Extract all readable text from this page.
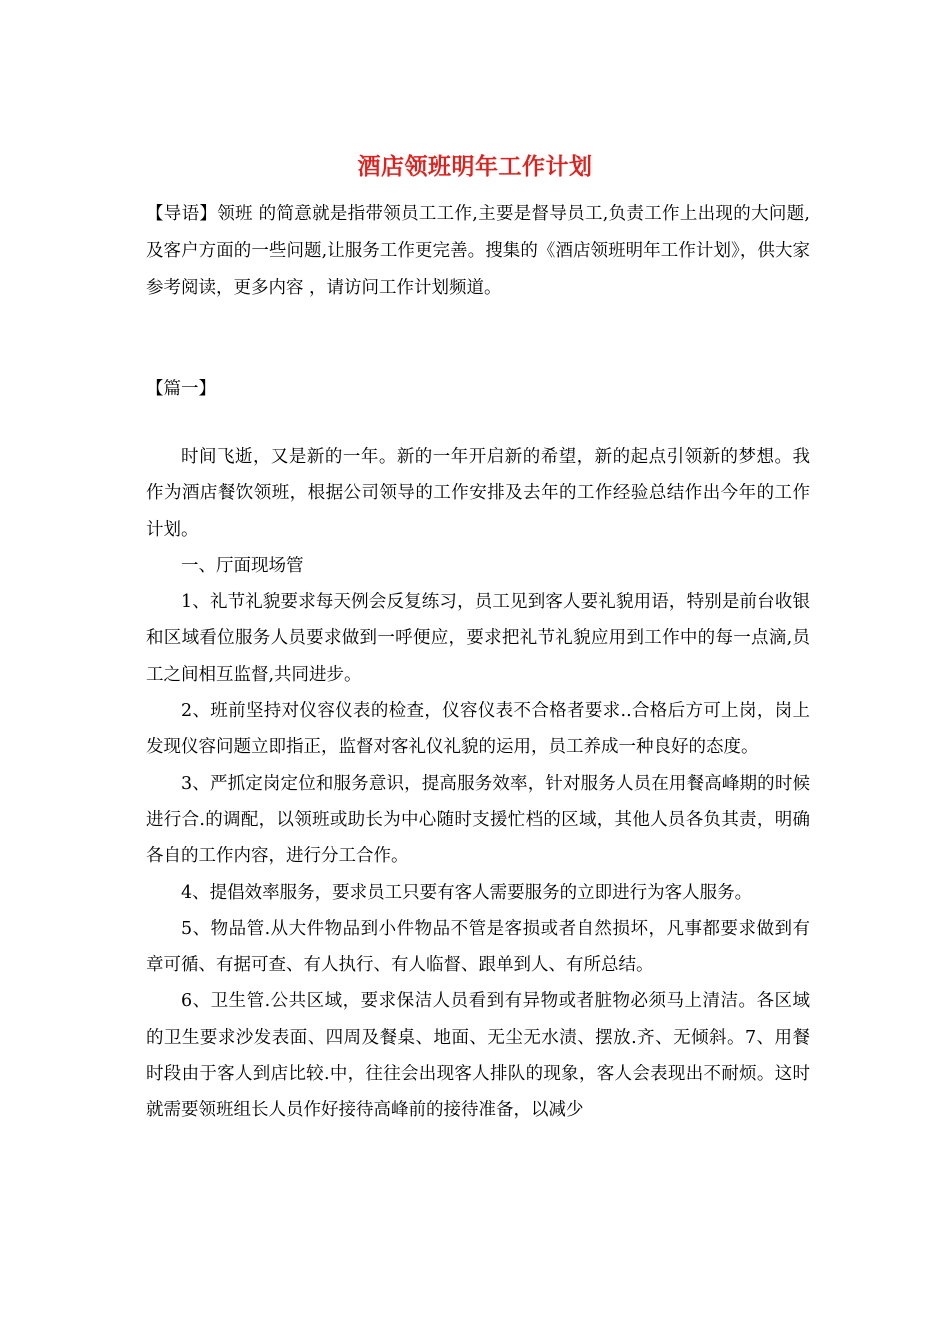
酒店领班明年工作计划

【导语】领班 的简意就是指带领员工工作,主要是督导员工,负责工作上出现的大问题,及客户方面的一些问题,让服务工作更完善。搜集的《酒店领班明年工作计划》，供大家参考阅读，更多内容 ，请访问工作计划频道。

【篇一】

时间飞逝，又是新的一年。新的一年开启新的希望，新的起点引领新的梦想。我作为酒店餐饮领班，根据公司领导的工作安排及去年的工作经验总结作出今年的工作计划。

一、厅面现场管

1、礼节礼貌要求每天例会反复练习，员工见到客人要礼貌用语，特别是前台收银和区域看位服务人员要求做到一呼便应，要求把礼节礼貌应用到工作中的每一点滴,员工之间相互监督,共同进步。

2、班前坚持对仪容仪表的检查，仪容仪表不合格者要求..合格后方可上岗，岗上发现仪容问题立即指正，监督对客礼仪礼貌的运用，员工养成一种良好的态度。

3、严抓定岗定位和服务意识，提高服务效率，针对服务人员在用餐高峰期的时候进行合.的调配，以领班或助长为中心随时支援忙档的区域，其他人员各负其责，明确各自的工作内容，进行分工合作。

4、提倡效率服务，要求员工只要有客人需要服务的立即进行为客人服务。

5、物品管.从大件物品到小件物品不管是客损或者自然损坏，凡事都要求做到有章可循、有据可查、有人执行、有人临督、跟单到人、有所总结。

6、卫生管.公共区域，要求保洁人员看到有异物或者脏物必须马上清洁。各区域的卫生要求沙发表面、四周及餐桌、地面、无尘无水渍、摆放.齐、无倾斜。7、用餐时段由于客人到店比较.中，往往会出现客人排队的现象，客人会表现出不耐烦。这时就需要领班组长人员作好接待高峰前的接待准备，以减少
